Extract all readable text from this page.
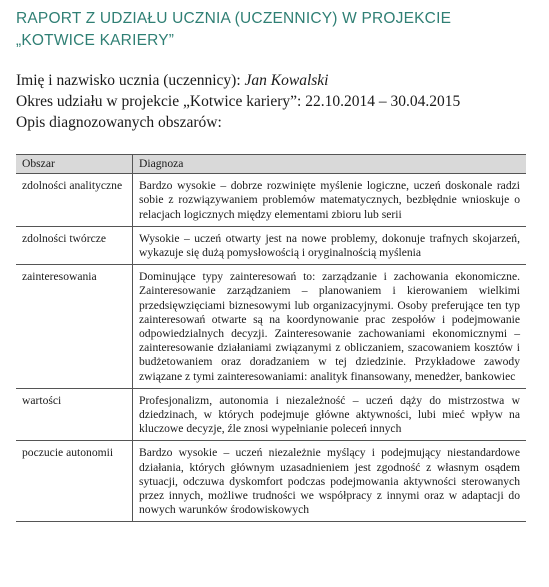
RAPORT Z UDZIAŁU UCZNIA (UCZENNICY) W PROJEKCIE
„KOTWICE KARIERY”

Imię i nazwisko ucznia (uczennicy): Jan Kowalski

Okres udziału w projekcie „Kotwice kariery”: 22.10.2014 – 30.04.2015

Opis diagnozowanych obszarów:

Obszar	Diagnoza
zdolności analityczne	Bardzo wysokie – dobrze rozwinięte myślenie logiczne, uczeń doskonale radzi sobie z rozwiązywaniem problemów matematycznych, bezbłędnie wnioskuje o relacjach logicznych między elementami zbioru lub serii
zdolności twórcze	Wysokie – uczeń otwarty jest na nowe problemy, dokonuje trafnych skojarzeń, wykazuje się dużą pomysłowością i oryginalnością myślenia
zainteresowania	Dominujące typy zainteresowań to: zarządzanie i zachowania ekonomiczne. Zainteresowanie zarządzaniem – planowaniem i kierowaniem wielkimi przedsięwzięciami biznesowymi lub organizacyjnymi. Osoby preferujące ten typ zainteresowań otwarte są na koordynowanie prac zespołów i podejmowanie odpowiedzialnych decyzji. Zainteresowanie zachowaniami ekonomicznymi – zainteresowanie działaniami związanymi z obliczaniem, szacowaniem kosztów i budżetowaniem oraz doradzaniem w tej dziedzinie. Przykładowe zawody związane z tymi zainteresowaniami: analityk finansowany, menedżer, bankowiec
wartości	Profesjonalizm, autonomia i niezależność – uczeń dąży do mistrzostwa w dziedzinach, w których podejmuje główne aktywności, lubi mieć wpływ na kluczowe decyzje, źle znosi wypełnianie poleceń innych
poczucie autonomii	Bardzo wysokie – uczeń niezależnie myślący i podejmujący niestandardowe działania, których głównym uzasadnieniem jest zgodność z własnym osądem sytuacji, odczuwa dyskomfort podczas podejmowania aktywności sterowanych przez innych, możliwe trudności we współpracy z innymi oraz w adaptacji do nowych warunków środowiskowych
